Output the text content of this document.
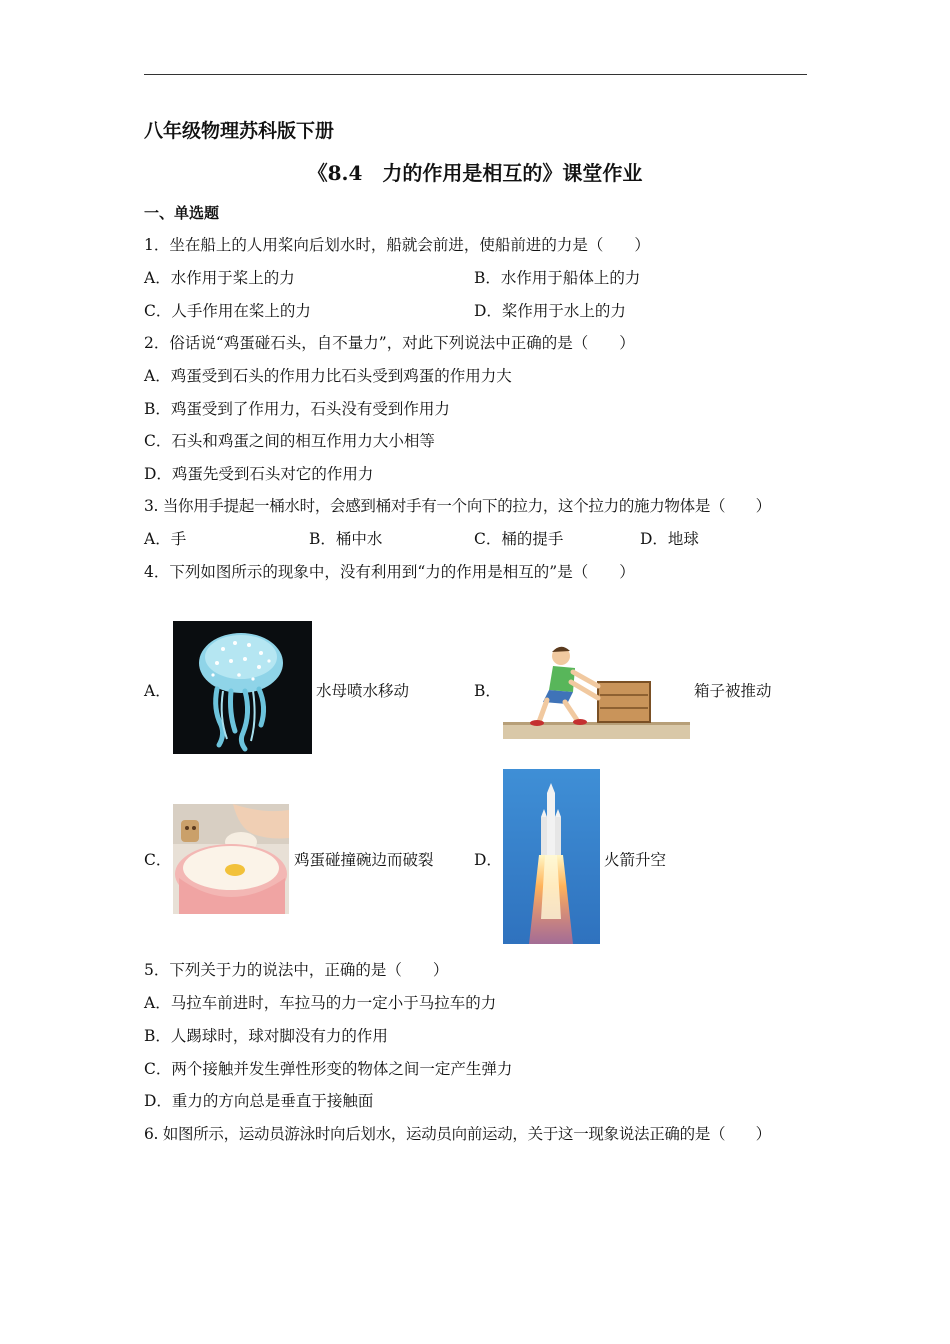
八年级物理苏科版下册
《8.4　力的作用是相互的》课堂作业
一、单选题
1．坐在船上的人用桨向后划水时，船就会前进，使船前进的力是（　　）
A．水作用于桨上的力	B．水作用于船体上的力
C．人手作用在桨上的力	D．桨作用于水上的力
2．俗话说“鸡蛋碰石头，自不量力”，对此下列说法中正确的是（　　）
A．鸡蛋受到石头的作用力比石头受到鸡蛋的作用力大
B．鸡蛋受到了作用力，石头没有受到作用力
C．石头和鸡蛋之间的相互作用力大小相等
D．鸡蛋先受到石头对它的作用力
3. 当你用手提起一桶水时，会感到桶对手有一个向下的拉力，这个拉力的施力物体是（　　）
A．手	B．桶中水	C．桶的提手	D．地球
4．下列如图所示的现象中，没有利用到“力的作用是相互的”是（　　）
A．	水母喷水移动	B．	箱子被推动
C．	鸡蛋碰撞碗边而破裂	D．	火箭升空
5．下列关于力的说法中，正确的是（　　）
A．马拉车前进时，车拉马的力一定小于马拉车的力
B．人踢球时，球对脚没有力的作用
C．两个接触并发生弹性形变的物体之间一定产生弹力
D．重力的方向总是垂直于接触面
6. 如图所示，运动员游泳时向后划水，运动员向前运动，关于这一现象说法正确的是（　　）
